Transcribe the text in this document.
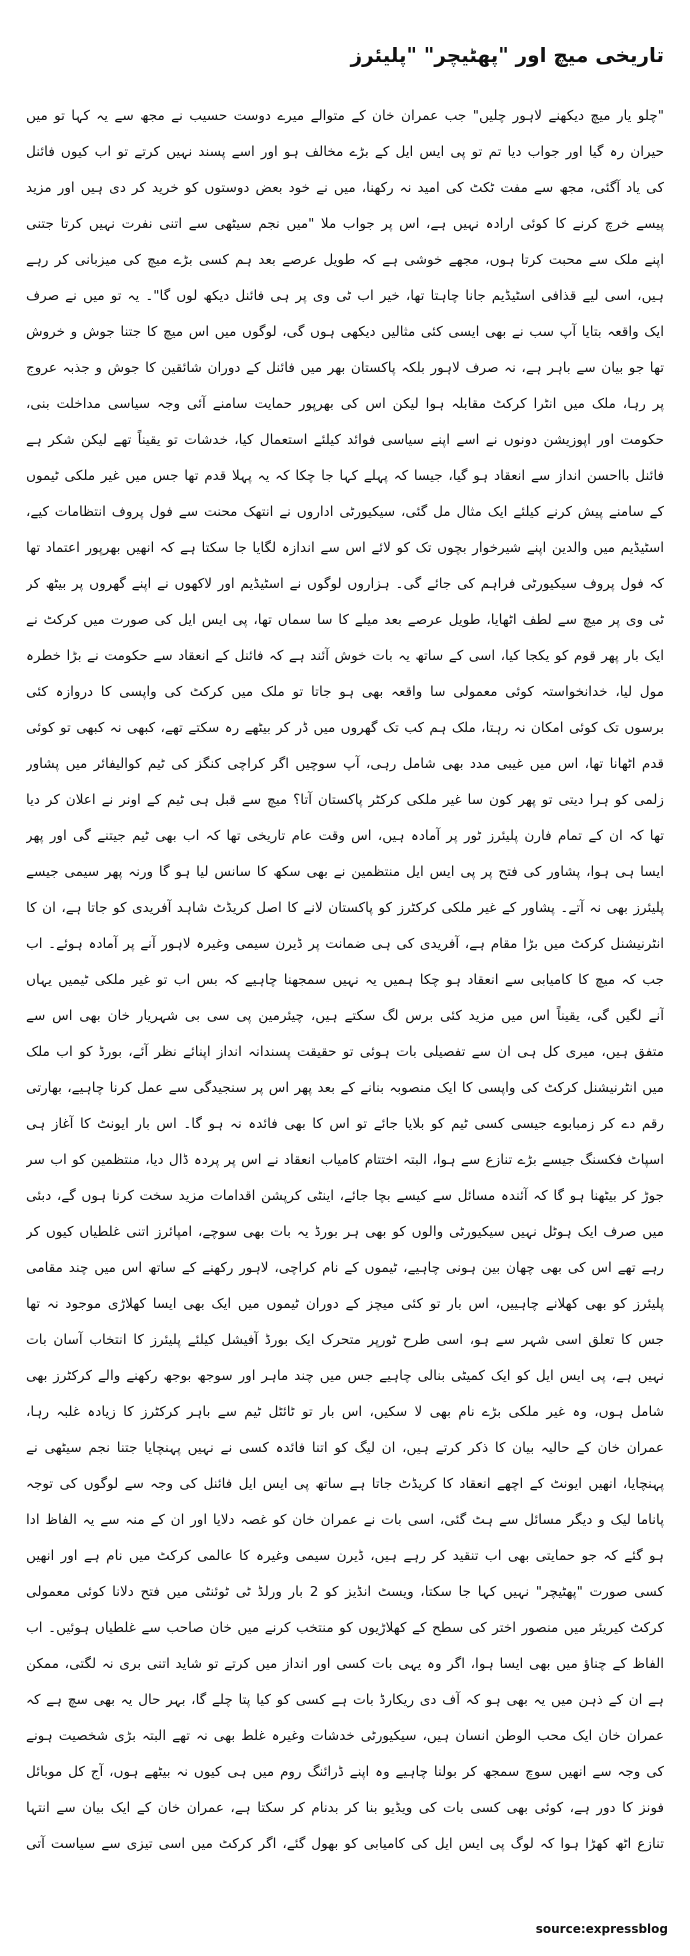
تاریخی میچ اور "پھٹیچر" "پلیئرز

"چلو یار میچ دیکھنے لاہور چلیں" جب عمران خان کے متوالے میرے دوست حسیب نے مجھ سے یہ کہا تو میں حیران رہ گیا اور جواب دیا تم تو پی ایس ایل کے بڑے مخالف ہو اور اسے پسند نہیں کرتے تو اب کیوں فائنل کی یاد آگئی، مجھ سے مفت ٹکٹ کی امید نہ رکھنا، میں نے خود بعض دوستوں کو خرید کر دی ہیں اور مزید پیسے خرچ کرنے کا کوئی ارادہ نہیں ہے، اس پر جواب ملا "میں نجم سیٹھی سے اتنی نفرت نہیں کرتا جتنی اپنے ملک سے محبت کرتا ہوں، مجھے خوشی ہے کہ طویل عرصے بعد ہم کسی بڑے میچ کی میزبانی کر رہے ہیں، اسی لیے قذافی اسٹیڈیم جانا چاہتا تھا، خیر اب ٹی وی پر ہی فائنل دیکھ لوں گا"۔ یہ تو میں نے صرف ایک واقعہ بتایا آپ سب نے بھی ایسی کئی مثالیں دیکھی ہوں گی، لوگوں میں اس میچ کا جتنا جوش و خروش تھا جو بیان سے باہر ہے، نہ صرف لاہور بلکہ پاکستان بھر میں فائنل کے دوران شائقین کا جوش و جذبہ عروج پر رہا، ملک میں انٹرا کرکٹ مقابلہ ہوا لیکن اس کی بھرپور حمایت سامنے آئی وجہ سیاسی مداخلت بنی، حکومت اور اپوزیشن دونوں نے اسے اپنے سیاسی فوائد کیلئے استعمال کیا، خدشات تو یقیناً تھے لیکن شکر ہے فائنل بااحسن انداز سے انعقاد ہو گیا، جیسا کہ پہلے کہا جا چکا کہ یہ پہلا قدم تھا جس میں غیر ملکی ٹیموں کے سامنے پیش کرنے کیلئے ایک مثال مل گئی، سیکیورٹی اداروں نے انتھک محنت سے فول پروف انتظامات کیے، اسٹیڈیم میں والدین اپنے شیرخوار بچوں تک کو لائے اس سے اندازہ لگایا جا سکتا ہے کہ انھیں بھرپور اعتماد تھا کہ فول پروف سیکیورٹی فراہم کی جائے گی۔ ہزاروں لوگوں نے اسٹیڈیم اور لاکھوں نے اپنے گھروں پر بیٹھ کر ٹی وی پر میچ سے لطف اٹھایا، طویل عرصے بعد میلے کا سا سماں تھا، پی ایس ایل کی صورت میں کرکٹ نے ایک بار پھر قوم کو یکجا کیا، اسی کے ساتھ یہ بات خوش آئند ہے کہ فائنل کے انعقاد سے حکومت نے بڑا خطرہ مول لیا، خدانخواستہ کوئی معمولی سا واقعہ بھی ہو جاتا تو ملک میں کرکٹ کی واپسی کا دروازہ کئی برسوں تک کوئی امکان نہ رہتا، ملک ہم کب تک گھروں میں ڈر کر بیٹھے رہ سکتے تھے، کبھی نہ کبھی تو کوئی قدم اٹھانا تھا، اس میں غیبی مدد بھی شامل رہی، آپ سوچیں اگر کراچی کنگز کی ٹیم کوالیفائر میں پشاور زلمی کو ہرا دیتی تو پھر کون سا غیر ملکی کرکٹر پاکستان آتا؟ میچ سے قبل ہی ٹیم کے اونر نے اعلان کر دیا تھا کہ ان کے تمام فارن پلیئرز ٹور پر آمادہ ہیں، اس وقت عام تاریخی تھا کہ اب بھی ٹیم جیتنے گی اور پھر ایسا ہی ہوا، پشاور کی فتح پر پی ایس ایل منتظمین نے بھی سکھ کا سانس لیا ہو گا ورنہ پھر سیمی جیسے پلیئرز بھی نہ آتے۔ پشاور کے غیر ملکی کرکٹرز کو پاکستان لانے کا اصل کریڈٹ شاہد آفریدی کو جاتا ہے، ان کا انٹرنیشنل کرکٹ میں بڑا مقام ہے، آفریدی کی ہی ضمانت پر ڈیرن سیمی وغیرہ لاہور آنے پر آمادہ ہوئے۔ اب جب کہ میچ کا کامیابی سے انعقاد ہو چکا ہمیں یہ نہیں سمجھنا چاہیے کہ بس اب تو غیر ملکی ٹیمیں یہاں آنے لگیں گی، یقیناً اس میں مزید کئی برس لگ سکتے ہیں، چیئرمین پی سی بی شہریار خان بھی اس سے متفق ہیں، میری کل ہی ان سے تفصیلی بات ہوئی تو حقیقت پسندانہ انداز اپنائے نظر آئے، بورڈ کو اب ملک میں انٹرنیشنل کرکٹ کی واپسی کا ایک منصوبہ بنانے کے بعد پھر اس پر سنجیدگی سے عمل کرنا چاہیے، بھارتی رقم دے کر زمبابوے جیسی کسی ٹیم کو بلایا جائے تو اس کا بھی فائدہ نہ ہو گا۔ اس بار ایونٹ کا آغاز ہی اسپاٹ فکسنگ جیسے بڑے تنازع سے ہوا، البتہ اختتام کامیاب انعقاد نے اس پر پردہ ڈال دیا، منتظمین کو اب سر جوڑ کر بیٹھنا ہو گا کہ آئندہ مسائل سے کیسے بچا جائے، اینٹی کرپشن اقدامات مزید سخت کرنا ہوں گے، دبئی میں صرف ایک ہوٹل نہیں سیکیورٹی والوں کو بھی ہر بورڈ یہ بات بھی سوچے، امپائرز اتنی غلطیاں کیوں کر رہے تھے اس کی بھی چھان بین ہونی چاہیے، ٹیموں کے نام کراچی، لاہور رکھنے کے ساتھ اس میں چند مقامی پلیئرز کو بھی کھلانے چاہییں، اس بار تو کئی میچز کے دوران ٹیموں میں ایک بھی ایسا کھلاڑی موجود نہ تھا جس کا تعلق اسی شہر سے ہو، اسی طرح ٹورپر متحرک ایک بورڈ آفیشل کیلئے پلیئرز کا انتخاب آسان بات نہیں ہے، پی ایس ایل کو ایک کمیٹی بنالی چاہیے جس میں چند ماہر اور سوجھ بوجھ رکھنے والے کرکٹرز بھی شامل ہوں، وہ غیر ملکی بڑے نام بھی لا سکیں، اس بار تو ٹائٹل ٹیم سے باہر کرکٹرز کا زیادہ غلبہ رہا، عمران خان کے حالیہ بیان کا ذکر کرتے ہیں، ان لیگ کو اتنا فائدہ کسی نے نہیں پہنچایا جتنا نجم سیٹھی نے پہنچایا، انھیں ایونٹ کے اچھے انعقاد کا کریڈٹ جاتا ہے ساتھ پی ایس ایل فائنل کی وجہ سے لوگوں کی توجہ پاناما لیک و دیگر مسائل سے ہٹ گئی، اسی بات نے عمران خان کو غصہ دلایا اور ان کے منہ سے یہ الفاظ ادا ہو گئے کہ جو حمایتی بھی اب تنقید کر رہے ہیں، ڈیرن سیمی وغیرہ کا عالمی کرکٹ میں نام ہے اور انھیں کسی صورت "پھٹیچر" نہیں کہا جا سکتا، ویسٹ انڈیز کو 2 بار ورلڈ ٹی ٹوئنٹی میں فتح دلانا کوئی معمولی

کرکٹ کیریئر میں منصور اختر کی سطح کے کھلاڑیوں کو منتخب کرنے میں خان صاحب سے غلطیاں ہوئیں۔ اب الفاظ کے چناؤ میں بھی ایسا ہوا، اگر وہ یہی بات کسی اور انداز میں کرتے تو شاید اتنی بری نہ لگتی، ممکن ہے ان کے ذہن میں یہ بھی ہو کہ آف دی ریکارڈ بات ہے کسی کو کیا پتا چلے گا، بہر حال یہ بھی سچ ہے کہ عمران خان ایک محب الوطن انسان ہیں، سیکیورٹی خدشات وغیرہ غلط بھی نہ تھے البتہ بڑی شخصیت ہونے کی وجہ سے انھیں سوچ سمجھ کر بولنا چاہیے وہ اپنے ڈرائنگ روم میں ہی کیوں نہ بیٹھے ہوں، آج کل موبائل فونز کا دور ہے، کوئی بھی کسی بات کی ویڈیو بنا کر بدنام کر سکتا ہے، عمران خان کے ایک بیان سے انتہا تنازع اٹھ کھڑا ہوا کہ لوگ پی ایس ایل کی کامیابی کو بھول گئے، اگر کرکٹ میں اسی تیزی سے سیاست آتی

source:expressblog
